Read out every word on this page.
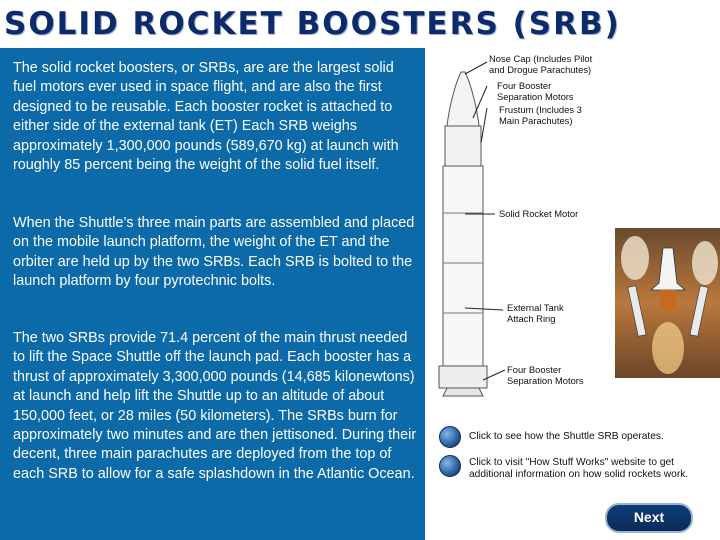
SOLID ROCKET BOOSTERS (SRB)

The solid rocket boosters, or SRBs, are are the largest solid fuel motors ever used in space flight, and are also the first designed to be reusable. Each booster rocket is attached to either side of the external tank (ET) Each SRB weighs approximately 1,300,000 pounds (589,670 kg) at launch with roughly 85 percent being the weight of the solid fuel itself.

When the Shuttle’s three main parts are assembled and placed on the mobile launch platform, the weight of the ET and the orbiter are held up by the two SRBs. Each SRB is bolted to the launch platform by four pyrotechnic bolts.

The two SRBs provide 71.4 percent of the main thrust needed to lift the Space Shuttle off the launch pad. Each booster has a thrust of approximately 3,300,000 pounds (14,685 kilonewtons) at launch and help lift the Shuttle up to an altitude of about 150,000 feet, or 28 miles (50 kilometers). The SRBs burn for approximately two minutes and are then jettisoned. During their decent, three main parachutes are deployed from the top of each SRB to allow for a safe splashdown in the Atlantic Ocean.

Nose Cap (Includes Pilot and Drogue Parachutes)
Four Booster Separation Motors
Frustum (Includes 3 Main Parachutes)
Solid Rocket Motor
External Tank Attach Ring
Four Booster Separation Motors
Click to see how the Shuttle SRB operates.
Click to visit "How Stuff Works" website to get additional information on how solid rockets work.
Next
